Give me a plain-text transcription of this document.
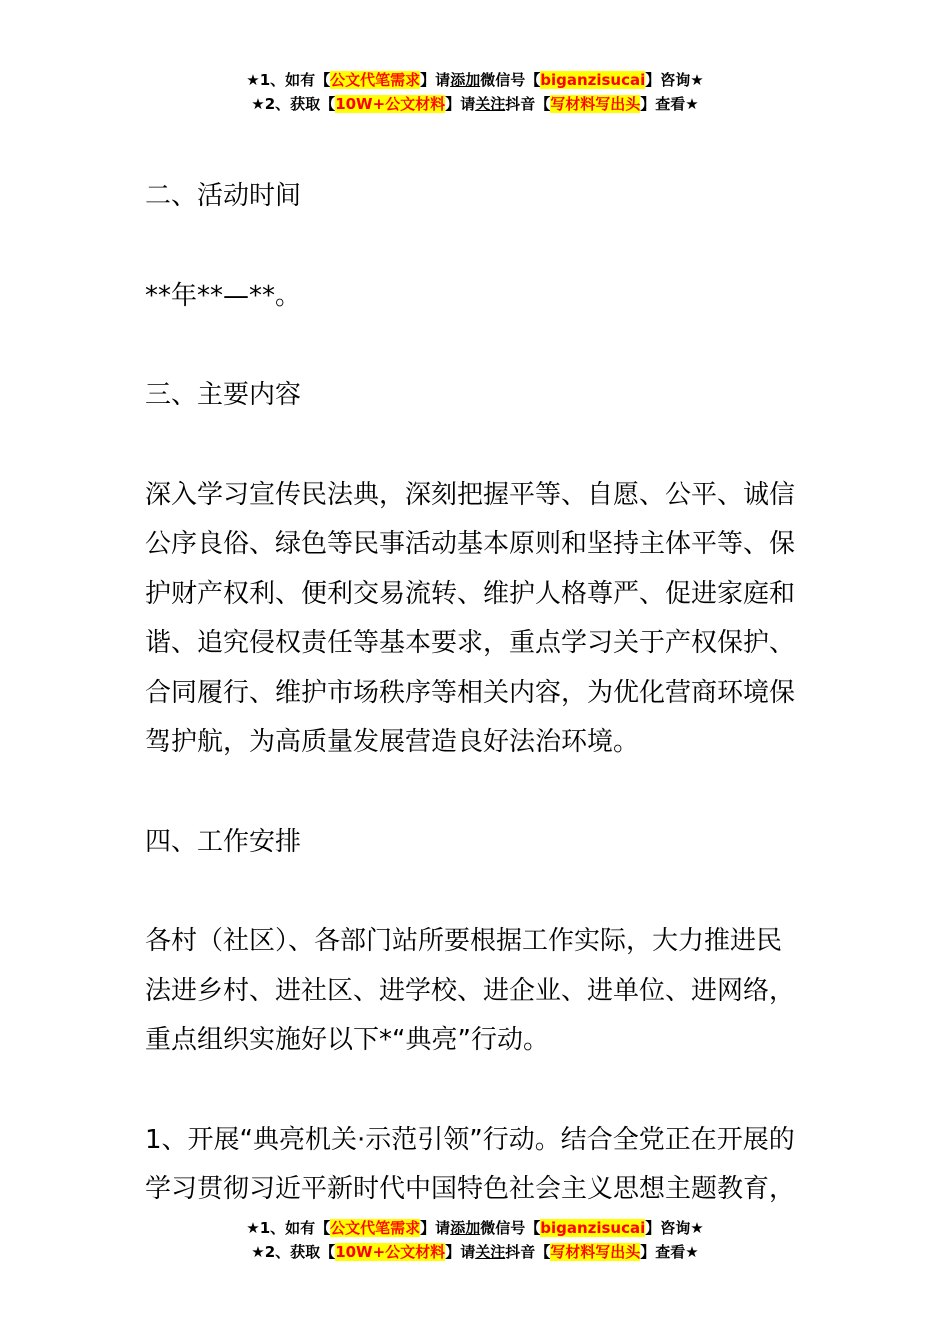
★1、如有【公文代笔需求】请添加微信号【biganzisucai】咨询★
★2、获取【10W+公文材料】请关注抖音【写材料写出头】查看★

二、活动时间

**年**—**。

三、主要内容

深入学习宣传民法典，深刻把握平等、自愿、公平、诚信

公序良俗、绿色等民事活动基本原则和坚持主体平等、保

护财产权利、便利交易流转、维护人格尊严、促进家庭和

谐、追究侵权责任等基本要求，重点学习关于产权保护、

合同履行、维护市场秩序等相关内容，为优化营商环境保

驾护航，为高质量发展营造良好法治环境。

四、工作安排

各村（社区）、各部门站所要根据工作实际，大力推进民

法进乡村、进社区、进学校、进企业、进单位、进网络，

重点组织实施好以下*“典亮”行动。

1、开展“典亮机关·示范引领”行动。结合全党正在开展的

学习贯彻习近平新时代中国特色社会主义思想主题教育，

★1、如有【公文代笔需求】请添加微信号【biganzisucai】咨询★
★2、获取【10W+公文材料】请关注抖音【写材料写出头】查看★
